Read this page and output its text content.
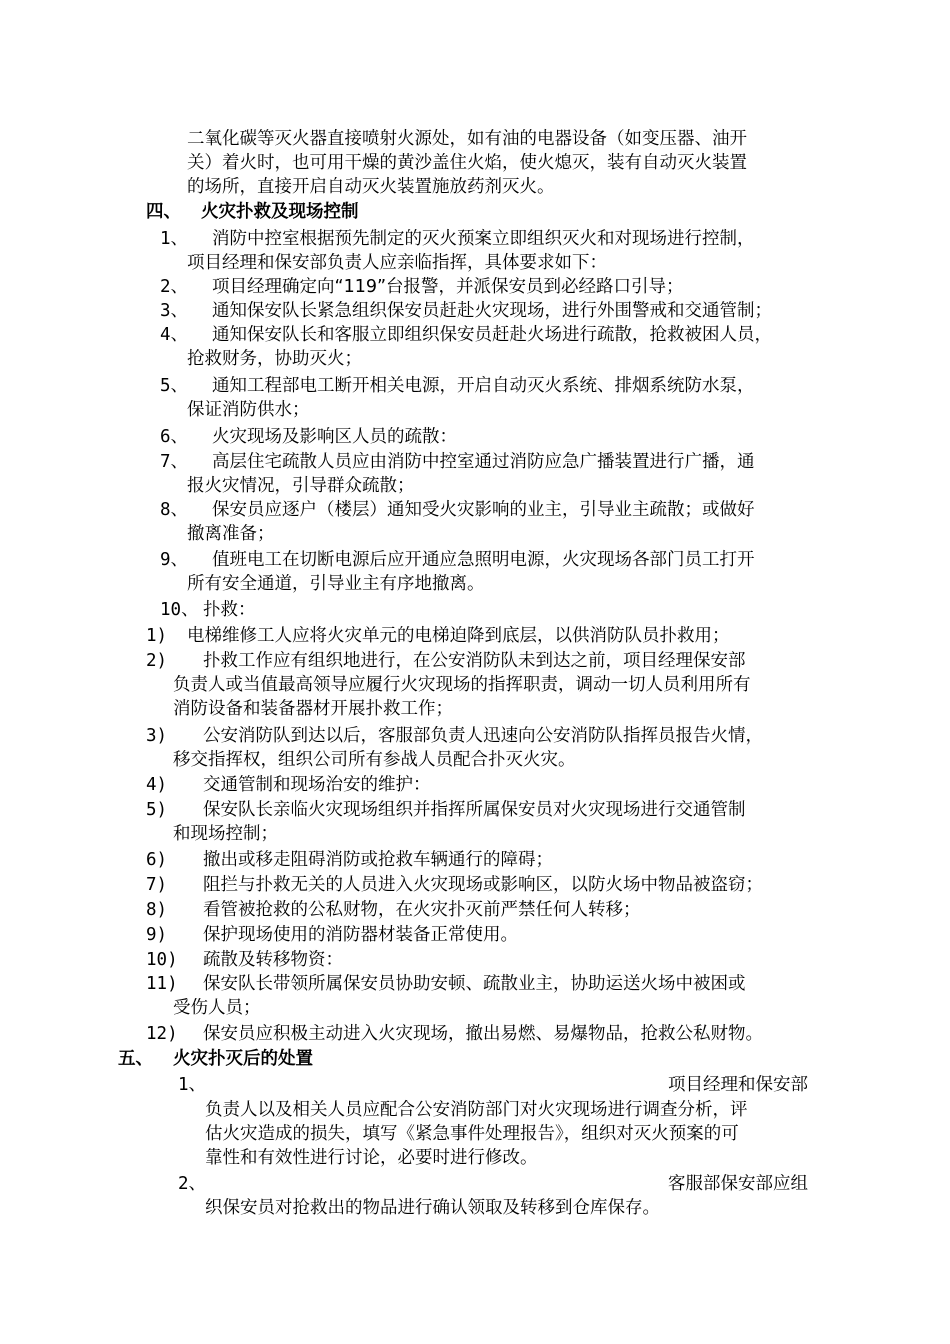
二氧化碳等灭火器直接喷射火源处，如有油的电器设备（如变压器、油开
关）着火时，也可用干燥的黄沙盖住火焰，使火熄灭，装有自动灭火装置
的场所，直接开启自动灭火装置施放药剂灭火。
四、 火灾扑救及现场控制
1、 消防中控室根据预先制定的灭火预案立即组织灭火和对现场进行控制，
项目经理和保安部负责人应亲临指挥，具体要求如下：
2、 项目经理确定向“119”台报警，并派保安员到必经路口引导；
3、 通知保安队长紧急组织保安员赶赴火灾现场，进行外围警戒和交通管制；
4、 通知保安队长和客服立即组织保安员赶赴火场进行疏散，抢救被困人员，
抢救财务，协助灭火；
5、 通知工程部电工断开相关电源，开启自动灭火系统、排烟系统防水泵，
保证消防供水；
6、 火灾现场及影响区人员的疏散：
7、 高层住宅疏散人员应由消防中控室通过消防应急广播装置进行广播，通
报火灾情况，引导群众疏散；
8、 保安员应逐户（楼层）通知受火灾影响的业主，引导业主疏散；或做好
撤离准备；
9、 值班电工在切断电源后应开通应急照明电源，火灾现场各部门员工打开
所有安全通道，引导业主有序地撤离。
10、 扑救：
1) 电梯维修工人应将火灾单元的电梯迫降到底层，以供消防队员扑救用；
2) 扑救工作应有组织地进行，在公安消防队未到达之前，项目经理保安部
负责人或当值最高领导应履行火灾现场的指挥职责，调动一切人员利用所有
消防设备和装备器材开展扑救工作；
3) 公安消防队到达以后，客服部负责人迅速向公安消防队指挥员报告火情，
移交指挥权，组织公司所有参战人员配合扑灭火灾。
4) 交通管制和现场治安的维护：
5) 保安队长亲临火灾现场组织并指挥所属保安员对火灾现场进行交通管制
和现场控制；
6) 撤出或移走阻碍消防或抢救车辆通行的障碍；
7) 阻拦与扑救无关的人员进入火灾现场或影响区，以防火场中物品被盗窃；
8) 看管被抢救的公私财物，在火灾扑灭前严禁任何人转移；
9) 保护现场使用的消防器材装备正常使用。
10) 疏散及转移物资：
11) 保安队长带领所属保安员协助安顿、疏散业主，协助运送火场中被困或
受伤人员；
12) 保安员应积极主动进入火灾现场，撤出易燃、易爆物品，抢救公私财物。
五、 火灾扑灭后的处置
1、	项目经理和保安部
负责人以及相关人员应配合公安消防部门对火灾现场进行调查分析，评
估火灾造成的损失，填写《紧急事件处理报告》，组织对灭火预案的可
靠性和有效性进行讨论，必要时进行修改。
2、	客服部保安部应组
织保安员对抢救出的物品进行确认领取及转移到仓库保存。
